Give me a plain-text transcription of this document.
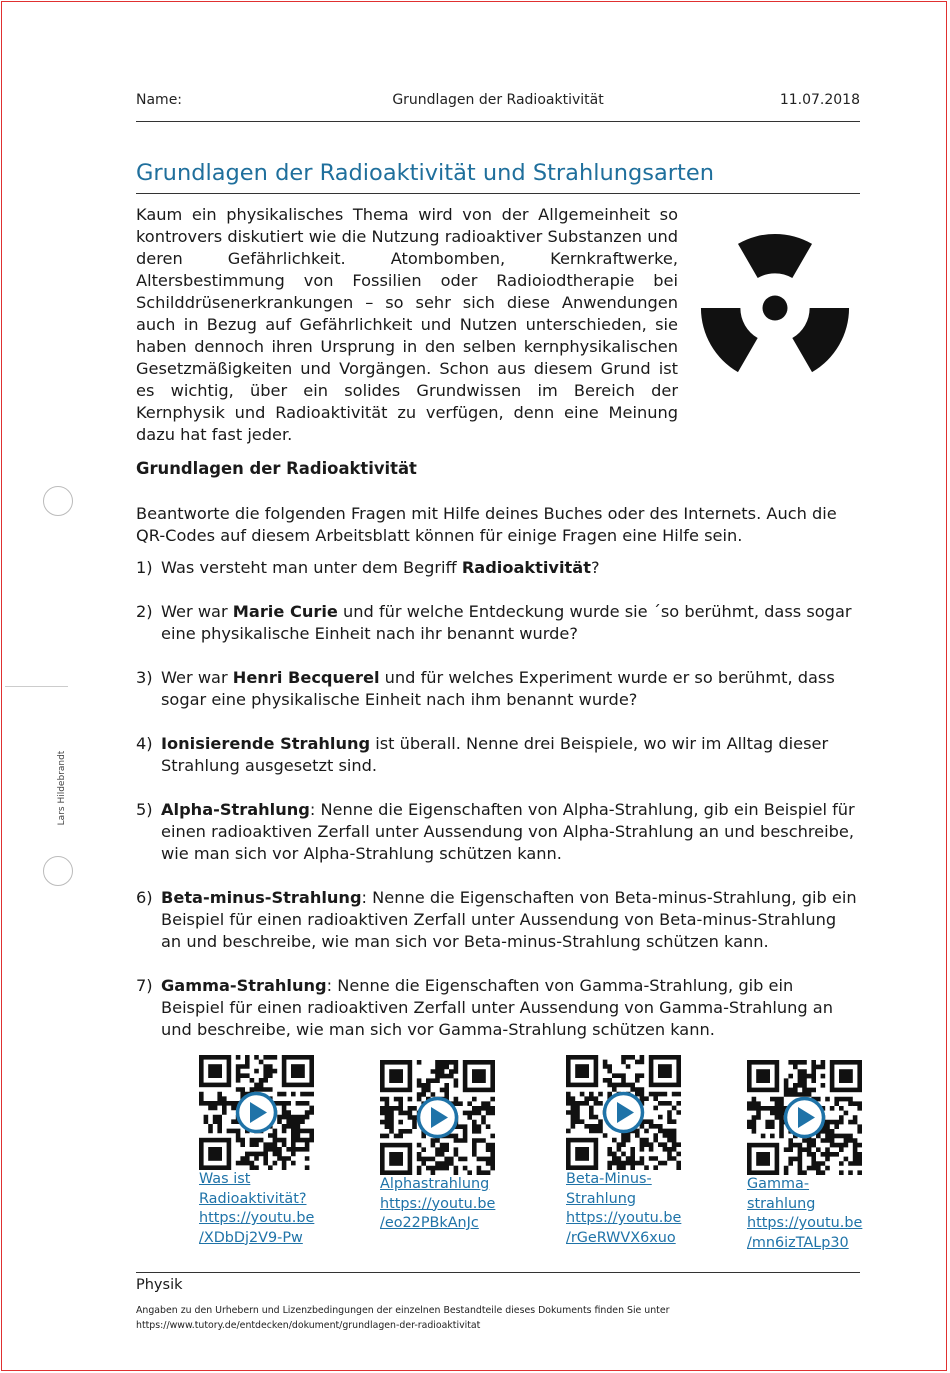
Name:	Grundlagen der Radioaktivität	11.07.2018
Grundlagen der Radioaktivität und Strahlungsarten

Kaum ein physikalisches Thema wird von der Allgemeinheit so kontrovers diskutiert wie die Nutzung radioaktiver Substanzen und deren Gefährlichkeit. Atombomben, Kernkraftwerke, Altersbestimmung von Fossilien oder Radioiodtherapie bei Schilddrüsenerkrankungen – so sehr sich diese Anwendungen auch in Bezug auf Gefährlichkeit und Nutzen unterschieden, sie haben dennoch ihren Ursprung in den selben kernphysikalischen Gesetzmäßigkeiten und Vorgängen. Schon aus diesem Grund ist es wichtig, über ein solides Grundwissen im Bereich der Kernphysik und Radioaktivität zu verfügen, denn eine Meinung dazu hat fast jeder.

Lars Hildebrandt
Grundlagen der Radioaktivität

Beantworte die folgenden Fragen mit Hilfe deines Buches oder des Internets. Auch die QR-Codes auf diesem Arbeitsblatt können für einige Fragen eine Hilfe sein.

1) Was versteht man unter dem Begriff Radioaktivität?
2) Wer war Marie Curie und für welche Entdeckung wurde sie ´so berühmt, dass sogar eine physikalische Einheit nach ihr benannt wurde?
3) Wer war Henri Becquerel und für welches Experiment wurde er so berühmt, dass sogar eine physikalische Einheit nach ihm benannt wurde?
4) Ionisierende Strahlung ist überall. Nenne drei Beispiele, wo wir im Alltag dieser Strahlung ausgesetzt sind.
5) Alpha-Strahlung: Nenne die Eigenschaften von Alpha-Strahlung, gib ein Beispiel für einen radioaktiven Zerfall unter Aussendung von Alpha-Strahlung an und beschreibe, wie man sich vor Alpha-Strahlung schützen kann.
6) Beta-minus-Strahlung: Nenne die Eigenschaften von Beta-minus-Strahlung, gib ein Beispiel für einen radioaktiven Zerfall unter Aussendung von Beta-minus-Strahlung an und beschreibe, wie man sich vor Beta-minus-Strahlung schützen kann.
7) Gamma-Strahlung: Nenne die Eigenschaften von Gamma-Strahlung, gib ein Beispiel für einen radioaktiven Zerfall unter Aussendung von Gamma-Strahlung an und beschreibe, wie man sich vor Gamma-Strahlung schützen kann.
Was ist
Radioaktivität?
https://youtu.be
/XDbDj2V9-Pw
Alphastrahlung
https://youtu.be
/eo22PBkAnJc
Beta-Minus-
Strahlung
https://youtu.be
/rGeRWVX6xuo
Gamma-
strahlung
https://youtu.be
/mn6izTALp30
Physik
Angaben zu den Urhebern und Lizenzbedingungen der einzelnen Bestandteile dieses Dokuments finden Sie unter
https://www.tutory.de/entdecken/dokument/grundlagen-der-radioaktivitat
